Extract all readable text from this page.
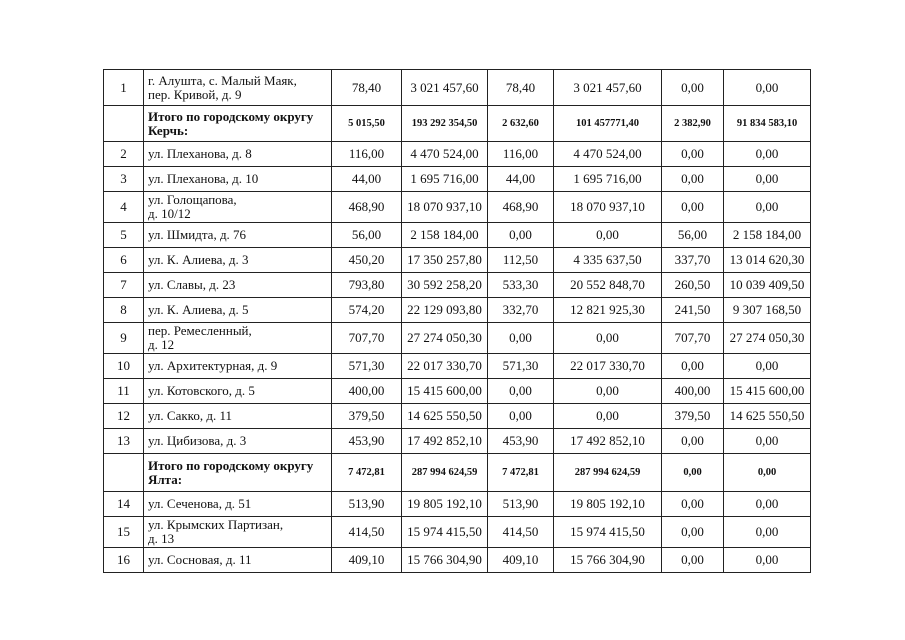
1	г. Алушта, с. Малый Маяк,
пер. Кривой, д. 9	78,40	3 021 457,60	78,40	3 021 457,60	0,00	0,00

	Итого по городскому округу
Керчь:	5 015,50	193 292 354,50	2 632,60	101 457771,40	2 382,90	91 834 583,10
2	ул. Плеханова, д. 8	116,00	4 470 524,00	116,00	4 470 524,00	0,00	0,00
3	ул. Плеханова, д. 10	44,00	1 695 716,00	44,00	1 695 716,00	0,00	0,00
4	ул. Голощапова,
д. 10/12	468,90	18 070 937,10	468,90	18 070 937,10	0,00	0,00
5	ул. Шмидта, д. 76	56,00	2 158 184,00	0,00	0,00	56,00	2 158 184,00
6	ул. К. Алиева, д. 3	450,20	17 350 257,80	112,50	4 335 637,50	337,70	13 014 620,30
7	ул. Славы, д. 23	793,80	30 592 258,20	533,30	20 552 848,70	260,50	10 039 409,50
8	ул. К. Алиева, д. 5	574,20	22 129 093,80	332,70	12 821 925,30	241,50	9 307 168,50
9	пер. Ремесленный,
д. 12	707,70	27 274 050,30	0,00	0,00	707,70	27 274 050,30
10	ул. Архитектурная, д. 9	571,30	22 017 330,70	571,30	22 017 330,70	0,00	0,00
11	ул. Котовского, д. 5	400,00	15 415 600,00	0,00	0,00	400,00	15 415 600,00
12	ул. Сакко, д. 11	379,50	14 625 550,50	0,00	0,00	379,50	14 625 550,50
13	ул. Цибизова, д. 3	453,90	17 492 852,10	453,90	17 492 852,10	0,00	0,00

	Итого по городскому округу
Ялта:	7 472,81	287 994 624,59	7 472,81	287 994 624,59	0,00	0,00
14	ул. Сеченова, д. 51	513,90	19 805 192,10	513,90	19 805 192,10	0,00	0,00
15	ул. Крымских Партизан,
д. 13	414,50	15 974 415,50	414,50	15 974 415,50	0,00	0,00
16	ул. Сосновая, д. 11	409,10	15 766 304,90	409,10	15 766 304,90	0,00	0,00
